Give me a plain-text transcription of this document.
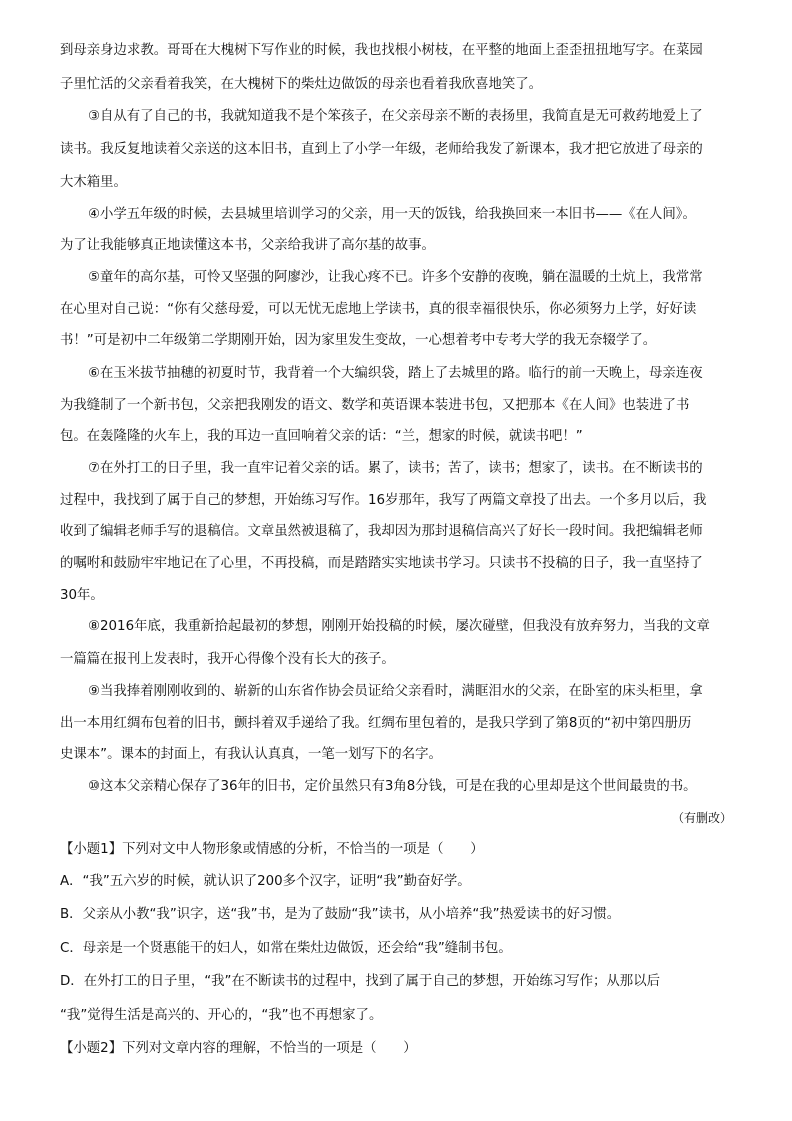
到母亲身边求教。哥哥在大槐树下写作业的时候，我也找根小树枝，在平整的地面上歪歪扭扭地写字。在菜园
子里忙活的父亲看着我笑，在大槐树下的柴灶边做饭的母亲也看着我欣喜地笑了。
③自从有了自己的书，我就知道我不是个笨孩子，在父亲母亲不断的表扬里，我简直是无可救药地爱上了
读书。我反复地读着父亲送的这本旧书，直到上了小学一年级，老师给我发了新课本，我才把它放进了母亲的
大木箱里。
④小学五年级的时候，去县城里培训学习的父亲，用一天的饭钱，给我换回来一本旧书——《在人间》。
为了让我能够真正地读懂这本书，父亲给我讲了高尔基的故事。
⑤童年的高尔基，可怜又坚强的阿廖沙，让我心疼不已。许多个安静的夜晚，躺在温暖的土炕上，我常常
在心里对自己说：“你有父慈母爱，可以无忧无虑地上学读书，真的很幸福很快乐，你必须努力上学，好好读
书！”可是初中二年级第二学期刚开始，因为家里发生变故，一心想着考中专考大学的我无奈辍学了。
⑥在玉米拔节抽穗的初夏时节，我背着一个大编织袋，踏上了去城里的路。临行的前一天晚上，母亲连夜
为我缝制了一个新书包，父亲把我刚发的语文、数学和英语课本装进书包，又把那本《在人间》也装进了书
包。在轰隆隆的火车上，我的耳边一直回响着父亲的话：“兰，想家的时候，就读书吧！”
⑦在外打工的日子里，我一直牢记着父亲的话。累了，读书；苦了，读书；想家了，读书。在不断读书的
过程中，我找到了属于自己的梦想，开始练习写作。16岁那年，我写了两篇文章投了出去。一个多月以后，我
收到了编辑老师手写的退稿信。文章虽然被退稿了，我却因为那封退稿信高兴了好长一段时间。我把编辑老师
的嘱咐和鼓励牢牢地记在了心里，不再投稿，而是踏踏实实地读书学习。只读书不投稿的日子，我一直坚持了
30年。
⑧2016年底，我重新拾起最初的梦想，刚刚开始投稿的时候，屡次碰壁，但我没有放弃努力，当我的文章
一篇篇在报刊上发表时，我开心得像个没有长大的孩子。
⑨当我捧着刚刚收到的、崭新的山东省作协会员证给父亲看时，满眶泪水的父亲，在卧室的床头柜里，拿
出一本用红绸布包着的旧书，颤抖着双手递给了我。红绸布里包着的，是我只学到了第8页的“初中第四册历
史课本”。课本的封面上，有我认认真真，一笔一划写下的名字。
⑩这本父亲精心保存了36年的旧书，定价虽然只有3角8分钱，可是在我的心里却是这个世间最贵的书。
（有删改）
【小题1】下列对文中人物形象或情感的分析，不恰当的一项是（　　）
A．“我”五六岁的时候，就认识了200多个汉字，证明“我”勤奋好学。
B．父亲从小教“我”识字，送“我”书，是为了鼓励“我”读书，从小培养“我”热爱读书的好习惯。
C．母亲是一个贤惠能干的妇人，如常在柴灶边做饭，还会给“我”缝制书包。
D．在外打工的日子里，“我”在不断读书的过程中，找到了属于自己的梦想，开始练习写作；从那以后
“我”觉得生活是高兴的、开心的，“我”也不再想家了。
【小题2】下列对文章内容的理解，不恰当的一项是（　　）
